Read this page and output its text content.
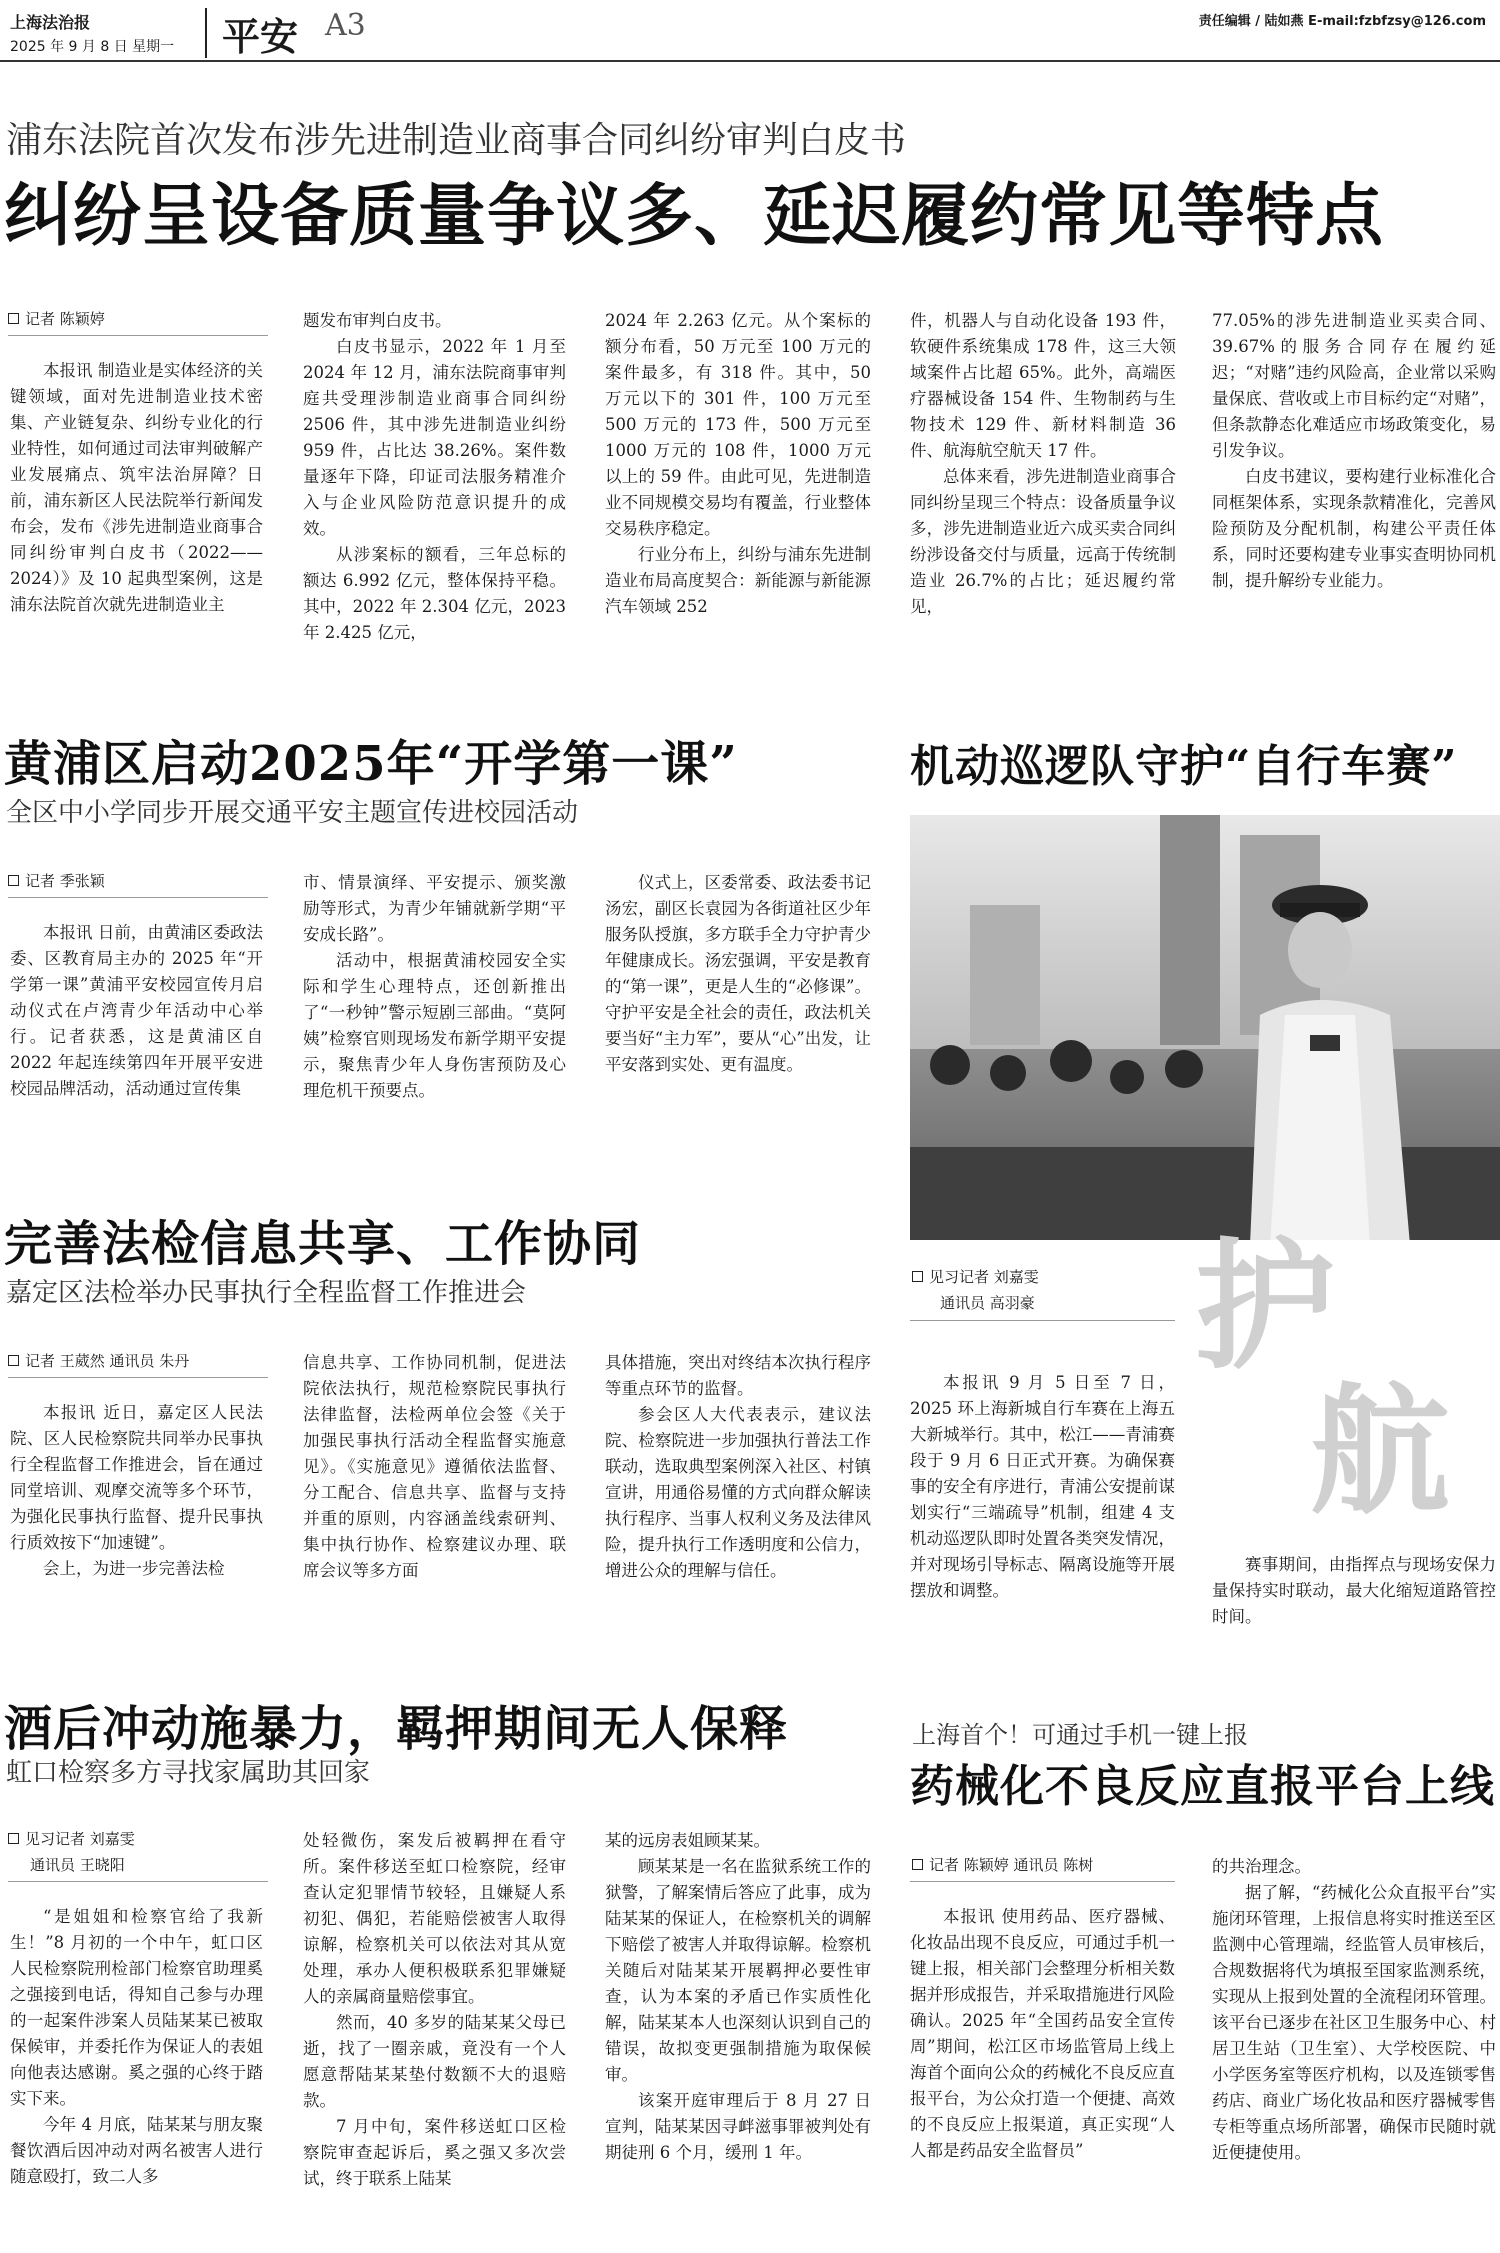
上海法治报
2025 年 9 月 8 日 星期一 平安 A3	责任编辑 / 陆如燕 E-mail:fzbfzsy@126.com
浦东法院首次发布涉先进制造业商事合同纠纷审判白皮书
纠纷呈设备质量争议多、延迟履约常见等特点
记者 陈颖婷

本报讯 制造业是实体经济的关键领域，面对先进制造业技术密集、产业链复杂、纠纷专业化的行业特性，如何通过司法审判破解产业发展痛点、筑牢法治屏障？日前，浦东新区人民法院举行新闻发布会，发布《涉先进制造业商事合同纠纷审判白皮书（2022——2024）》及 10 起典型案例，这是浦东法院首次就先进制造业主

题发布审判白皮书。

白皮书显示，2022 年 1 月至 2024 年 12 月，浦东法院商事审判庭共受理涉制造业商事合同纠纷 2506 件，其中涉先进制造业纠纷 959 件，占比达 38.26%。案件数量逐年下降，印证司法服务精准介入与企业风险防范意识提升的成效。

从涉案标的额看，三年总标的额达 6.992 亿元，整体保持平稳。其中，2022 年 2.304 亿元，2023 年 2.425 亿元，

2024 年 2.263 亿元。从个案标的额分布看，50 万元至 100 万元的案件最多，有 318 件。其中，50 万元以下的 301 件，100 万元至 500 万元的 173 件，500 万元至 1000 万元的 108 件，1000 万元以上的 59 件。由此可见，先进制造业不同规模交易均有覆盖，行业整体交易秩序稳定。

行业分布上，纠纷与浦东先进制造业布局高度契合：新能源与新能源汽车领域 252

件，机器人与自动化设备 193 件，软硬件系统集成 178 件，这三大领域案件占比超 65%。此外，高端医疗器械设备 154 件、生物制药与生物技术 129 件、新材料制造 36 件、航海航空航天 17 件。

总体来看，涉先进制造业商事合同纠纷呈现三个特点：设备质量争议多，涉先进制造业近六成买卖合同纠纷涉设备交付与质量，远高于传统制造业 26.7%的占比；延迟履约常见，

77.05%的涉先进制造业买卖合同、39.67%的服务合同存在履约延迟；“对赌”违约风险高，企业常以采购量保底、营收或上市目标约定“对赌”，但条款静态化难适应市场政策变化，易引发争议。

白皮书建议，要构建行业标准化合同框架体系，实现条款精准化，完善风险预防及分配机制，构建公平责任体系，同时还要构建专业事实查明协同机制，提升解纷专业能力。

黄浦区启动2025年“开学第一课”
全区中小学同步开展交通平安主题宣传进校园活动
记者 季张颖

本报讯 日前，由黄浦区委政法委、区教育局主办的 2025 年“开学第一课”黄浦平安校园宣传月启动仪式在卢湾青少年活动中心举行。记者获悉，这是黄浦区自 2022 年起连续第四年开展平安进校园品牌活动，活动通过宣传集

市、情景演绎、平安提示、颁奖激励等形式，为青少年铺就新学期“平安成长路”。

活动中，根据黄浦校园安全实际和学生心理特点，还创新推出了“一秒钟”警示短剧三部曲。“莫阿姨”检察官则现场发布新学期平安提示，聚焦青少年人身伤害预防及心理危机干预要点。

仪式上，区委常委、政法委书记汤宏，副区长袁园为各街道社区少年服务队授旗，多方联手全力守护青少年健康成长。汤宏强调，平安是教育的“第一课”，更是人生的“必修课”。守护平安是全社会的责任，政法机关要当好“主力军”，要从“心”出发，让平安落到实处、更有温度。

机动巡逻队守护“自行车赛”
见习记者 刘嘉雯
通讯员 高羽豪 护
航

本报讯 9 月 5 日至 7 日，2025 环上海新城自行车赛在上海五大新城举行。其中，松江——青浦赛段于 9 月 6 日正式开赛。为确保赛事的安全有序进行，青浦公安提前谋划实行“三端疏导”机制，组建 4 支机动巡逻队即时处置各类突发情况，并对现场引导标志、隔离设施等开展摆放和调整。

赛事期间，由指挥点与现场安保力量保持实时联动，最大化缩短道路管控时间。

完善法检信息共享、工作协同
嘉定区法检举办民事执行全程监督工作推进会
记者 王葳然 通讯员 朱丹

本报讯 近日，嘉定区人民法院、区人民检察院共同举办民事执行全程监督工作推进会，旨在通过同堂培训、观摩交流等多个环节，为强化民事执行监督、提升民事执行质效按下“加速键”。

会上，为进一步完善法检

信息共享、工作协同机制，促进法院依法执行，规范检察院民事执行法律监督，法检两单位会签《关于加强民事执行活动全程监督实施意见》。《实施意见》遵循依法监督、分工配合、信息共享、监督与支持并重的原则，内容涵盖线索研判、集中执行协作、检察建议办理、联席会议等多方面

具体措施，突出对终结本次执行程序等重点环节的监督。

参会区人大代表表示，建议法院、检察院进一步加强执行普法工作联动，选取典型案例深入社区、村镇宣讲，用通俗易懂的方式向群众解读执行程序、当事人权利义务及法律风险，提升执行工作透明度和公信力，增进公众的理解与信任。

酒后冲动施暴力，羁押期间无人保释
虹口检察多方寻找家属助其回家
见习记者 刘嘉雯
通讯员 王晓阳

“是姐姐和检察官给了我新生！”8 月初的一个中午，虹口区人民检察院刑检部门检察官助理奚之强接到电话，得知自己参与办理的一起案件涉案人员陆某某已被取保候审，并委托作为保证人的表姐向他表达感谢。奚之强的心终于踏实下来。

今年 4 月底，陆某某与朋友聚餐饮酒后因冲动对两名被害人进行随意殴打，致二人多

处轻微伤，案发后被羁押在看守所。案件移送至虹口检察院，经审查认定犯罪情节较轻，且嫌疑人系初犯、偶犯，若能赔偿被害人取得谅解，检察机关可以依法对其从宽处理，承办人便积极联系犯罪嫌疑人的亲属商量赔偿事宜。

然而，40 多岁的陆某某父母已逝，找了一圈亲戚，竟没有一个人愿意帮陆某某垫付数额不大的退赔款。

7 月中旬，案件移送虹口区检察院审查起诉后，奚之强又多次尝试，终于联系上陆某

某的远房表姐顾某某。

顾某某是一名在监狱系统工作的狱警，了解案情后答应了此事，成为陆某某的保证人，在检察机关的调解下赔偿了被害人并取得谅解。检察机关随后对陆某某开展羁押必要性审查，认为本案的矛盾已作实质性化解，陆某某本人也深刻认识到自己的错误，故拟变更强制措施为取保候审。

该案开庭审理后于 8 月 27 日宣判，陆某某因寻衅滋事罪被判处有期徒刑 6 个月，缓刑 1 年。

上海首个！可通过手机一键上报
药械化不良反应直报平台上线
记者 陈颖婷 通讯员 陈树

本报讯 使用药品、医疗器械、化妆品出现不良反应，可通过手机一键上报，相关部门会整理分析相关数据并形成报告，并采取措施进行风险确认。2025 年“全国药品安全宣传周”期间，松江区市场监管局上线上海首个面向公众的药械化不良反应直报平台，为公众打造一个便捷、高效的不良反应上报渠道，真正实现“人人都是药品安全监督员”

的共治理念。

据了解，“药械化公众直报平台”实施闭环管理，上报信息将实时推送至区监测中心管理端，经监管人员审核后，合规数据将代为填报至国家监测系统，实现从上报到处置的全流程闭环管理。该平台已逐步在社区卫生服务中心、村居卫生站（卫生室）、大学校医院、中小学医务室等医疗机构，以及连锁零售药店、商业广场化妆品和医疗器械零售专柜等重点场所部署，确保市民随时就近便捷使用。
